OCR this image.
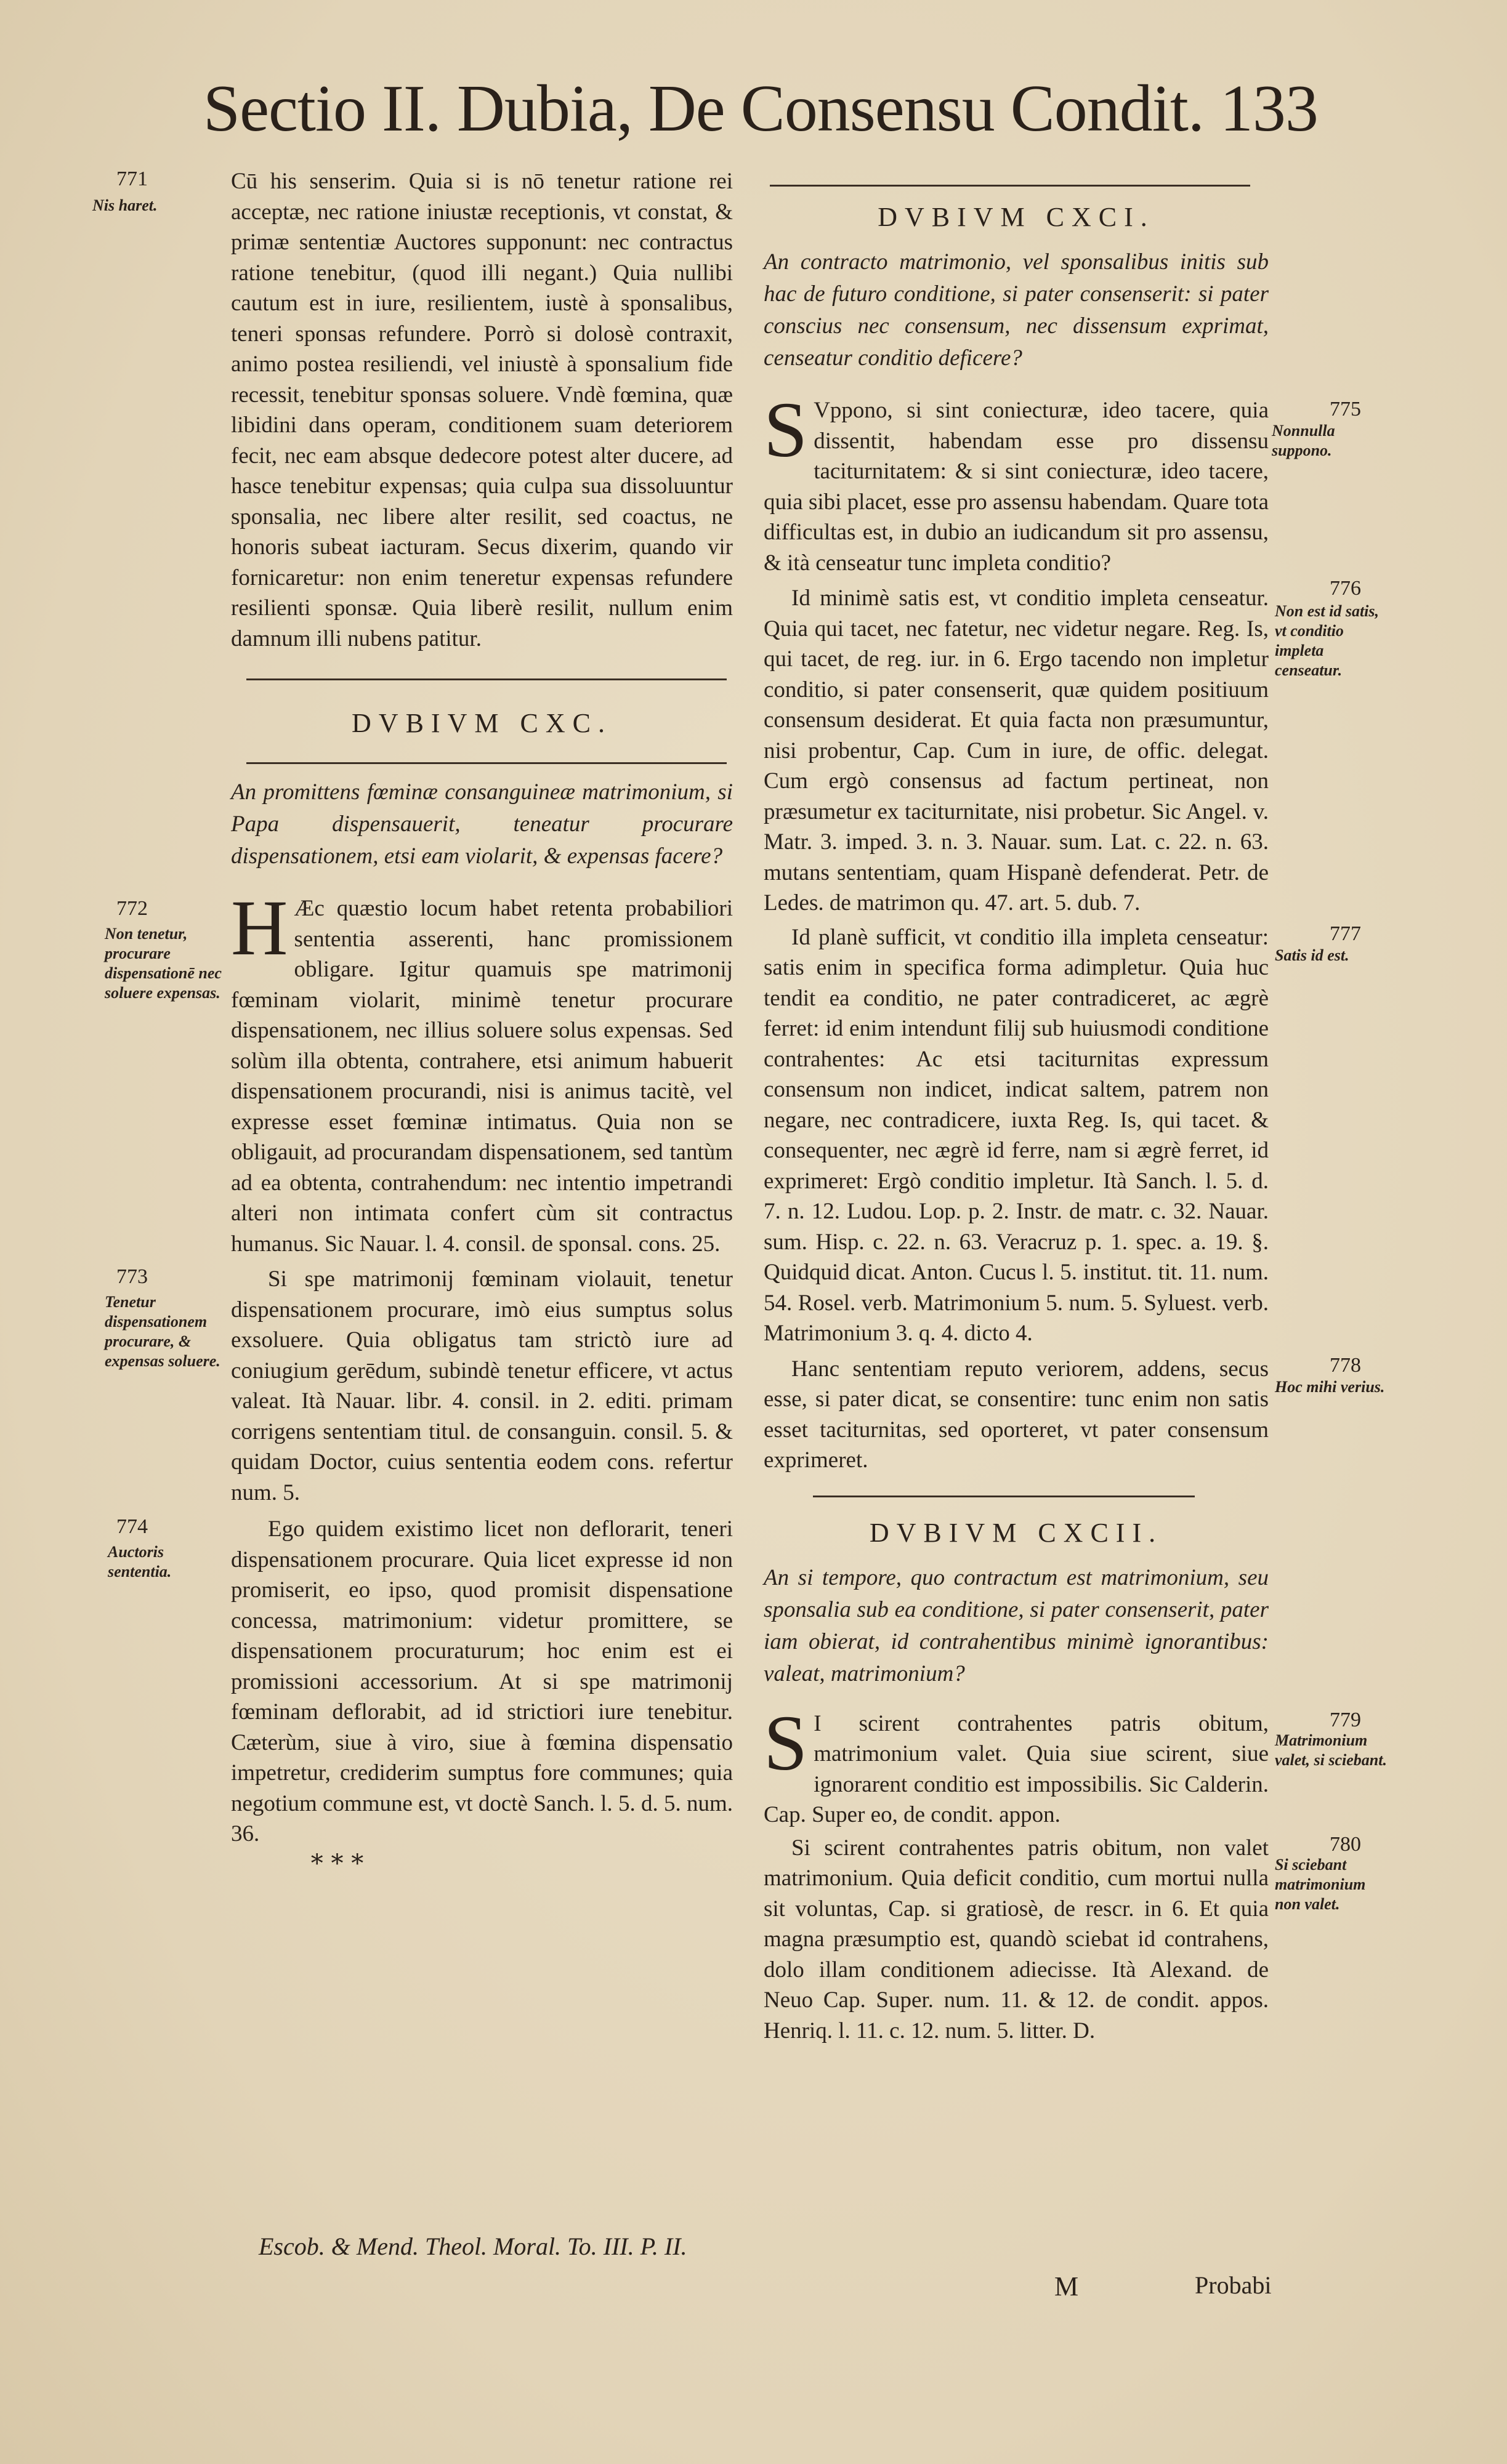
Sectio II. Dubia, De Consensu Condit. 133
771
Nis haret.

Cū his senserim. Quia si is nō tenetur ratione rei acceptæ, nec ratione iniustæ receptionis, vt constat, & primæ sententiæ Auctores supponunt: nec contractus ratione tenebitur, (quod illi negant.) Quia nullibi cautum est in iure, resilientem, iustè à sponsalibus, teneri sponsas refundere. Porrò si dolosè contraxit, animo postea resiliendi, vel iniustè à sponsalium fide recessit, tenebitur sponsas soluere. Vndè fœmina, quæ libidini dans operam, conditionem suam deteriorem fecit, nec eam absque dedecore potest alter ducere, ad hasce tenebitur expensas; quia culpa sua dissoluuntur sponsalia, nec libere alter resilit, sed coactus, ne honoris subeat iacturam. Secus dixerim, quando vir fornicaretur: non enim teneretur expensas refundere resilienti sponsæ. Quia liberè resilit, nullum enim damnum illi nubens patitur.

DVBIVM CXC.

An promittens fœminæ consanguineæ matrimonium, si Papa dispensauerit, teneatur procurare dispensationem, etsi eam violarit, & expensas facere?

772
Non tenetur, procurare dispensationē nec soluere expensas.

H Æc quæstio locum habet retenta probabiliori sententia asserenti, hanc promissionem obligare. Igitur quamuis spe matrimonij fœminam violarit, minimè tenetur procurare dispensationem, nec illius soluere solus expensas. Sed solùm illa obtenta, contrahere, etsi animum habuerit dispensationem procurandi, nisi is animus tacitè, vel expresse esset fœminæ intimatus. Quia non se obligauit, ad procurandam dispensationem, sed tantùm ad ea obtenta, contrahendum: nec intentio impetrandi alteri non intimata confert cùm sit contractus humanus. Sic Nauar. l. 4. consil. de sponsal. cons. 25.

773
Tenetur dispensationem procurare, & expensas soluere.

Si spe matrimonij fœminam violauit, tenetur dispensationem procurare, imò eius sumptus solus exsoluere. Quia obligatus tam strictò iure ad coniugium gerēdum, subindè tenetur efficere, vt actus valeat. Ità Nauar. libr. 4. consil. in 2. editi. primam corrigens sententiam titul. de consanguin. consil. 5. & quidam Doctor, cuius sententia eodem cons. refertur num. 5.

774
Auctoris sententia.

Ego quidem existimo licet non deflorarit, teneri dispensationem procurare. Quia licet expresse id non promiserit, eo ipso, quod promisit dispensatione concessa, matrimonium: videtur promittere, se dispensationem procuraturum; hoc enim est ei promissioni accessorium. At si spe matrimonij fœminam deflorabit, ad id strictiori iure tenebitur. Cæterùm, siue à viro, siue à fœmina dispensatio impetretur, crediderim sumptus fore communes; quia negotium commune est, vt doctè Sanch. l. 5. d. 5. num. 36.

* * *

DVBIVM CXCI.

An contracto matrimonio, vel sponsalibus initis sub hac de futuro conditione, si pater consenserit: si pater conscius nec consensum, nec dissensum exprimat, censeatur conditio deficere?

775
Nonnulla suppono.

S Vppono, si sint coniecturæ, ideo tacere, quia dissentit, habendam esse pro dissensu taciturnitatem: & si sint coniecturæ, ideo tacere, quia sibi placet, esse pro assensu habendam. Quare tota difficultas est, in dubio an iudicandum sit pro assensu, & ità censeatur tunc impleta conditio?

776
Non est id satis, vt conditio impleta censeatur.

Id minimè satis est, vt conditio impleta censeatur. Quia qui tacet, nec fatetur, nec videtur negare. Reg. Is, qui tacet, de reg. iur. in 6. Ergo tacendo non impletur conditio, si pater consenserit, quæ quidem positiuum consensum desiderat. Et quia facta non præsumuntur, nisi probentur, Cap. Cum in iure, de offic. delegat. Cum ergò consensus ad factum pertineat, non præsumetur ex taciturnitate, nisi probetur. Sic Angel. v. Matr. 3. imped. 3. n. 3. Nauar. sum. Lat. c. 22. n. 63. mutans sententiam, quam Hispanè defenderat. Petr. de Ledes. de matrimon qu. 47. art. 5. dub. 7.

777
Satis id est.

Id planè sufficit, vt conditio illa impleta censeatur: satis enim in specifica forma adimpletur. Quia huc tendit ea conditio, ne pater contradiceret, ac ægrè ferret: id enim intendunt filij sub huiusmodi conditione contrahentes: Ac etsi taciturnitas expressum consensum non indicet, indicat saltem, patrem non negare, nec contradicere, iuxta Reg. Is, qui tacet. & consequenter, nec ægrè id ferre, nam si ægrè ferret, id exprimeret: Ergò conditio impletur. Ità Sanch. l. 5. d. 7. n. 12. Ludou. Lop. p. 2. Instr. de matr. c. 32. Nauar. sum. Hisp. c. 22. n. 63. Veracruz p. 1. spec. a. 19. §. Quidquid dicat. Anton. Cucus l. 5. institut. tit. 11. num. 54. Rosel. verb. Matrimonium 5. num. 5. Syluest. verb. Matrimonium 3. q. 4. dicto 4.

778
Hoc mihi verius.

Hanc sententiam reputo veriorem, addens, secus esse, si pater dicat, se consentire: tunc enim non satis esset taciturnitas, sed oporteret, vt pater consensum exprimeret.

DVBIVM CXCII.

An si tempore, quo contractum est matrimonium, seu sponsalia sub ea conditione, si pater consenserit, pater iam obierat, id contrahentibus minimè ignorantibus: valeat, matrimonium?

779
Matrimonium valet, si sciebant.

S I scirent contrahentes patris obitum, matrimonium valet. Quia siue scirent, siue ignorarent conditio est impossibilis. Sic Calderin. Cap. Super eo, de condit. appon.

780
Si sciebant matrimonium non valet.

Si scirent contrahentes patris obitum, non valet matrimonium. Quia deficit conditio, cum mortui nulla sit voluntas, Cap. si gratiosè, de rescr. in 6. Et quia magna præsumptio est, quandò sciebat id contrahens, dolo illam conditionem adiecisse. Ità Alexand. de Neuo Cap. Super. num. 11. & 12. de condit. appos. Henriq. l. 11. c. 12. num. 5. litter. D.

Escob. & Mend. Theol. Moral. To. III. P. II.
M	Probabi
